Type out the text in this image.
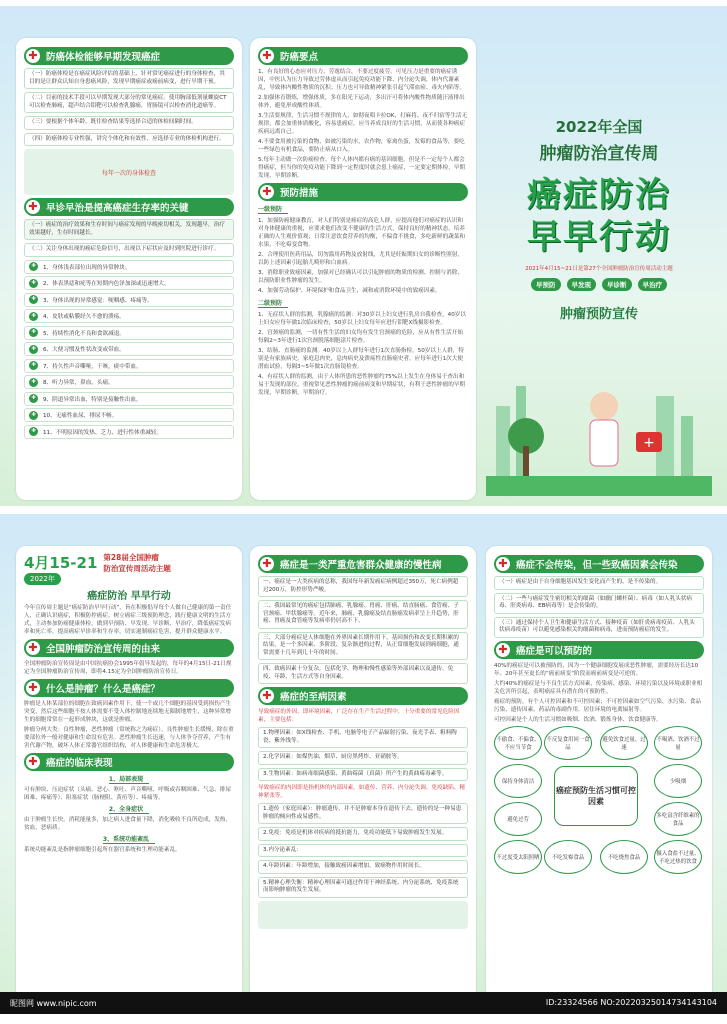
✚ 防癌体检能够早期发现癌症
（一）防癌体检是在癌症风险评估的基础上，针对常见癌症进行的身体检查，其目的是让群众认知自身患癌风险，发现早期癌症或癌前病变，进行早期干预。
（二）目前的技术手段可以早期发现大部分的常见癌症。使用胸部低剂量螺旋CT可以检查肺癌，超声结合钼靶可以检查乳腺癌，胃肠镜可以检查消化道癌等。
（三）要根据个体年龄、既往检查结果等选择合适的体检间隔时间。
（四）防癌体检专业性强，讲究个体化和有效性，应选择专业的体检机构进行。
每年一次的身体检查
✚ 早诊早治是提高癌症生存率的关键
（一）癌症的治疗效果和生存时间与癌症发现的早晚密切相关，发现越早，治疗效果越好，生存时间越长。
（二）关注身体出现的癌症危险信号，出现以下症状应及时到医院进行诊疗。
✚	1、身体浅表部位出现的异常肿块。
✚	2、体表黑痣和疣等在短期内色泽加深或迅速增大。
✚	3、身体出现的异常感觉：哽咽感、疼痛等。
✚	4、皮肤或粘膜经久不愈的溃疡。
✚	5、持续性消化不良和食欲减退。
✚	6、大便习惯及性状改变或带血。
✚	7、持久性声音嘶哑，干咳，痰中带血。
✚	8、听力异常，鼻血，头痛。
✚	9、阴道异常出血，特别是接触性出血。
✚	10、无痛性血尿，排尿不畅。
✚	11、不明原因的发热、乏力、进行性体重减轻。
✚ 防癌要点

1、有良好的心态应对压力，劳逸结合，不要过度疲劳。可见压力是重要的癌症诱因，中医认为压力导致过劳体虚从而引起免疫功能下降、内分泌失调，体内代谢紊乱，导致体内酸性物质的沉积；压力也可导致精神紧张引起气滞血瘀、毒火内陷等。

2.加强体育锻炼，增强体质，多在阳光下运动，多出汗可将体内酸性物质随汗液排出体外，避免形成酸性体质。

3.生活要规律，生活习惯不规律的人，如彻夜唱卡拉OK、打麻将、夜不归宿等生活无规律，都会加重体质酸化，容易患癌症。应当养成良好的生活习惯，从而使各种癌症疾病远离自己。

4.不要食用被污染的食物，如被污染的水，农作物，家禽鱼蛋，发霉的食品等，要吃一些绿色有机食品，要防止病从口入。

5.每年主动做一次防癌检查。每个人体内都有癌的基因细胞，但是不一定每个人都会得癌症，但当你的免疫功能下降到一定程度时就会患上癌症，一定要定期体检，早期发现，早期诊断。

✚ 预防措施
一级预防

1、加强防癌健康教育，对人们特别是癌症的高危人群，应提高他们对癌症的认识和对身体健康的重视，应要求他们改变不健康的生活方式，保持良好的精神状态，培养正确的人生观价值观；日常注意饮食营养的均衡，不偏食不挑食，多吃新鲜的蔬菜和水果，不吃霉变食物。

2、合理使用医药用品，切勿滥用药物及放射线，尤其是妊娠期妇女的诊断性照射，以防上述因素引起胎儿畸形和白血病。

3、消除职业致癌因素，加强对已经确认可以引起肿瘤的物质的检测、控制与消除，以预防职业性肿瘤的发生。

4、加强劳动保护、环境保护和食品卫生，减和或消除环境中的致癌因素。

二级预防

1、无症状人群的监测，乳腺癌的监测：对30岁以上妇女进行乳房自我检查，40岁以上妇女应每年做1次临床检查，50岁以上妇女每年应进行钼靶X线摄影检查。

2、宫颈癌的监测，一切有性生活的妇女均有发生宫颈癌的危险，应从有性生活开始每隔2~3年进行1次宫颈脱落细胞涂片检查。

3、结肠、直肠癌的监测。40岁以上人群每年进行1次直肠指检，50岁以上人群，特别是有家族病史，家庭息肉史，息肉病史及溃疡性直肠癌史者，应每年进行1次大便潜血试验，每隔3~5年做1次直肠镜检查。

4、有症状人群的监测，由于人体所患的恶性肿瘤约75%以上发生在身体易于查出和易于发现的部位，重视常见恶性肿瘤的癌前病变和早期症状，有利于恶性肿瘤的早期发现，早期诊断，早期治疗。

2022年全国
肿瘤防治宣传周
癌症防治
早早行动
2021年4月15~21日是第27个全国肿瘤防治宣传周活动主题
早预防	早发现	早诊断	早治疗
肿瘤预防宣传
+
4月15-21
2022年
第28届全国肿瘤
防治宣传周活动主题
癌症防治 早早行动

今年宣传周主题是“癌症防治早早行动”，旨在积极倡导每个人做自己健康的第一责任人，正确认识癌症，积极防控癌症。树立癌症三级预防理念，践行健康文明的生活方式，主动参加防癌健康体检，做到早预防、早发现、早诊断、早治疗，降低癌症发病率和死亡率，提高癌症早诊率和生存率，切实遏制癌症危害，提升群众健康水平。

✚ 全国肿瘤防治宣传周的由来

全国肿瘤防治宣传周是由中国抗癌协会1995年倡导发起的，每年的4月15日-21日规定为全国肿瘤防治宣传周，即将4.15定为全国肿瘤防治宣传日。

✚ 什么是肿瘤？什么是癌症？

肿瘤是人体某部位的细胞在致癌因素作用下，使一个或几个细胞的基因受到损伤产生突变，然后这些细胞不按人体需要不受人体控制地连续地无限制地增生，这种异常增生的细胞常常在一起形成肿块，这就是肿瘤。

肿瘤分两大类：良性肿瘤，恶性肿瘤（常统称之为癌症）。良性肿瘤生长缓慢，除在重要部位外一般对健康和生命没有危害。恶性肿瘤生长迅速，与人体争夺营养，产生有害代谢产物，破坏人体正常器官组织结构，对人体健康和生命危害极大。

✚ 癌症的临床表现
1、局部表现

可有肿块、压迫症状（头痛、恶心、呕吐、声音嘶哑、呼吸或吞咽困难、气急、排尿困难、疼痛等）、阻塞症状（肠梗阻、黄疸等）、疼痛等。

2、全身症状

由于肿瘤生长快，消耗能量多，加之病人进食量下降，消化吸收不良所造成，发热，贫血，恶病质。

3、系统功能紊乱

系统功能紊乱是指肿瘤细胞引起所在器官系统和生理功能紊乱。

✚ 癌症是一类严重危害群众健康的慢性病
一、癌症是一大类疾病的总称，我国每年新发癌症病例超过350万，死亡病例超过200万，防控形势严峻。
二、我国最常见的癌症包括肺癌、乳腺癌、胃癌、肝癌、结直肠癌、食管癌、子宫颈癌、甲状腺癌等。近年来，肺癌、乳腺癌及结直肠癌发病率呈上升趋势，肝癌、胃癌及食管癌等发病率仍居高不下。
三、大部分癌症是人体细胞在外界因素长期作用下，基因损伤和改变长期积累的结果，是一个多因素、多阶段、复杂渐进的过程，从正常细胞发展到癌细胞，通常需要十几年到几十年的时间。
四、致癌因素十分复杂，包括化学、物理和慢性感染等外部因素以及遗传、免疫、年龄、生活方式等自身因素。
✚ 癌症的至病因素

导致癌症的外因，即环境因素，广泛存在生产生活过程中，十分重要的常见危险因素，主要包括：

1.物理因素：如X线检查、手机、电脑等电子产品辐射污染、夜光手表、粗料陶瓷、紫外线等。
2.化学因素：如煤焦油、烟草、厨房黑烤炸、亚硝胺等。
3.生物因素：如病毒细菌感染、黄曲霉菌（真菌）所产生的黄曲霉毒素等。

导致癌症的内因即是指机体的内部因素，如遗传、营养、内分泌失调、免疫缺陷、精神紧张等。

1.遗传（家庭因素）：肿瘤遗传，并不是肿瘤本身在遗传下去，遗传的是一种易患肿瘤的倾向性或易感性。
2.免疫：免疫是机体对疾病的抵抗能力，免疫功能低下易致肿瘤发生发展。
3.内分泌紊乱：
4.年龄因素：年龄增加，接触致癌因素增加，致癌物作用时间长。
5.精神心理失衡：精神心理因素可通过作用于神经系统、内分泌系统、免疫系统而影响肿瘤的发生发展。
✚ 癌症不会传染，但一些致癌因素会传染
（一）癌症是由于自身细胞基因发生变化而产生的，是不传染的。
（二）一些与癌症发生密切相关的细菌（如幽门螺杆菌）、病毒（如人乳头状病毒、肝炎病毒、EB病毒等）是会传染的。
（三）通过保持个人卫生和健康生活方式、接种疫苗（如肝炎病毒疫苗、人乳头状病毒疫苗）可以避免感染相关的细菌和病毒，进而预防癌症的发生。
✚ 癌症是可以预防的

40%的癌症是可以被预防的，因为一个健康细胞发展成恶性肿瘤，需要经历长达10年、20年甚至更长的“癌前病变”阶段而癌前病变是可逆的。

大约40%的癌症是与不良生活方式因素、传染病、感染、环境污染以及环境或职业相关危害所引起，表明癌症具有潜在的可预防性。

癌症的预防，有个人可控因素和不可控因素；不可控因素如空气污染、水污染、食品污染、遗传因素、药品的毒副作用、居住环境的电离辐射等。

可控因素是个人的生活习惯如吸烟、饮酒、锻炼身体、饮食健康等。

癌症预防生活习惯可控因素
不偷食、不偏食、不应当节食
不反复食用同一食品
避免饮食过量、过速
不喝酒、饮酒不过量
保持身体清洁	少吸烟
避免过劳
多吃富含纤维素的食品
不过度受太阳照晒	不吃发霉食品	不吃烧焦食品
摄入食盐不过量、不吃过热的饮食
昵图网 www.nipic.com	ID:23324566 NO:20220325014734143104
